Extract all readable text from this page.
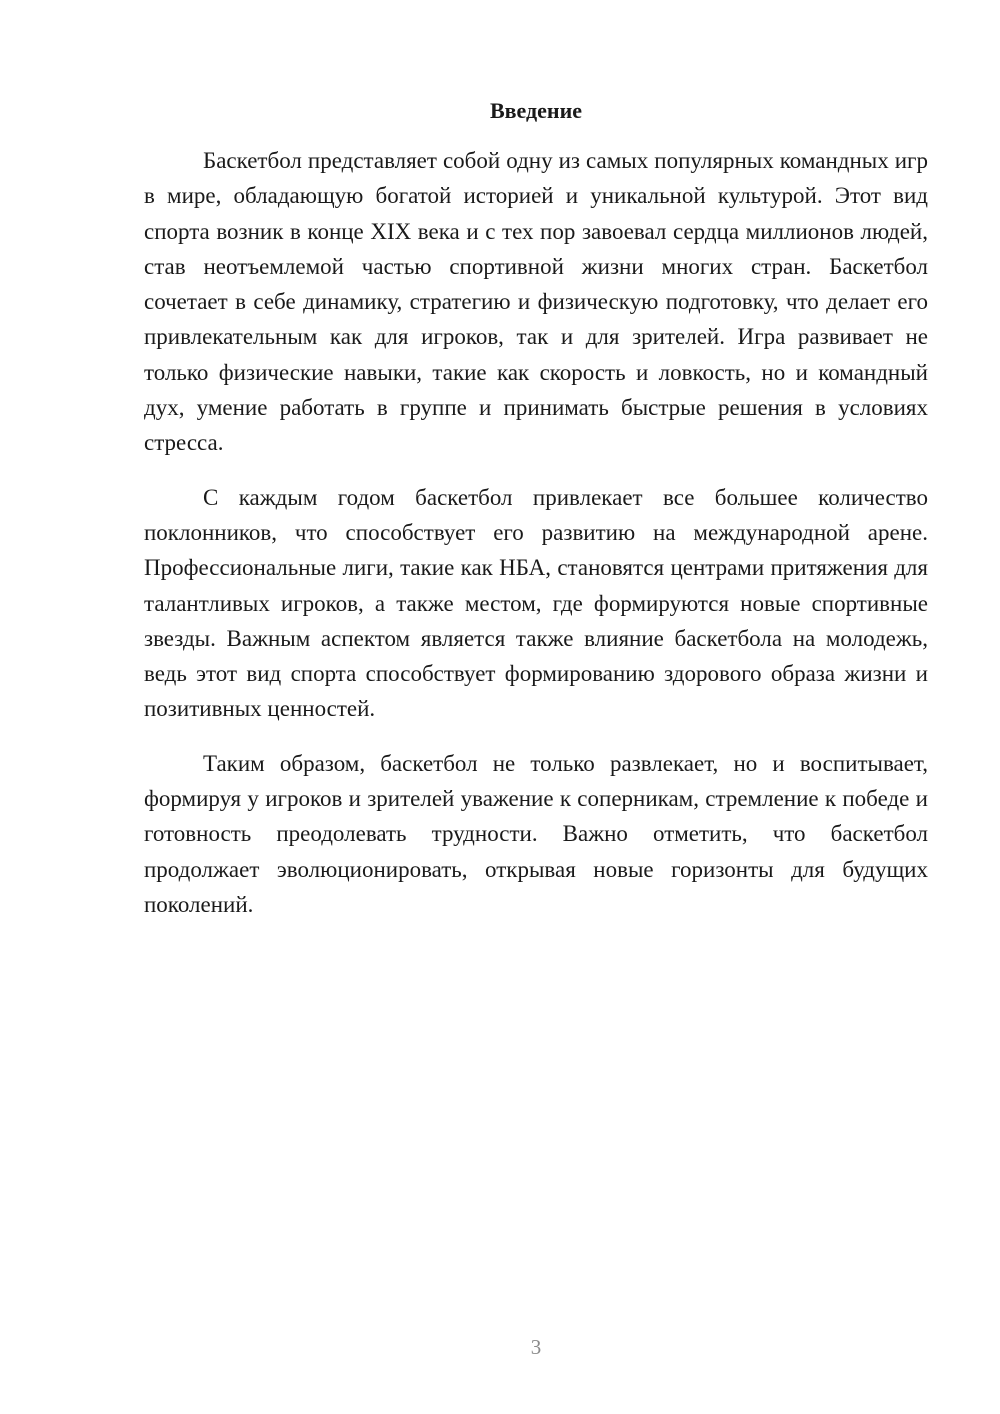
Введение

Баскетбол представляет собой одну из самых популярных командных игр в мире, обладающую богатой историей и уникальной культурой. Этот вид спорта возник в конце XIX века и с тех пор завоевал сердца миллионов людей, став неотъемлемой частью спортивной жизни многих стран. Баскетбол сочетает в себе динамику, стратегию и физическую подготовку, что делает его привлекательным как для игроков, так и для зрителей. Игра развивает не только физические навыки, такие как скорость и ловкость, но и командный дух, умение работать в группе и принимать быстрые решения в условиях стресса.

С каждым годом баскетбол привлекает все большее количество поклонников, что способствует его развитию на международной арене. Профессиональные лиги, такие как НБА, становятся центрами притяжения для талантливых игроков, а также местом, где формируются новые спортивные звезды. Важным аспектом является также влияние баскетбола на молодежь, ведь этот вид спорта способствует формированию здорового образа жизни и позитивных ценностей.

Таким образом, баскетбол не только развлекает, но и воспитывает, формируя у игроков и зрителей уважение к соперникам, стремление к победе и готовность преодолевать трудности. Важно отметить, что баскетбол продолжает эволюционировать, открывая новые горизонты для будущих поколений.

3
